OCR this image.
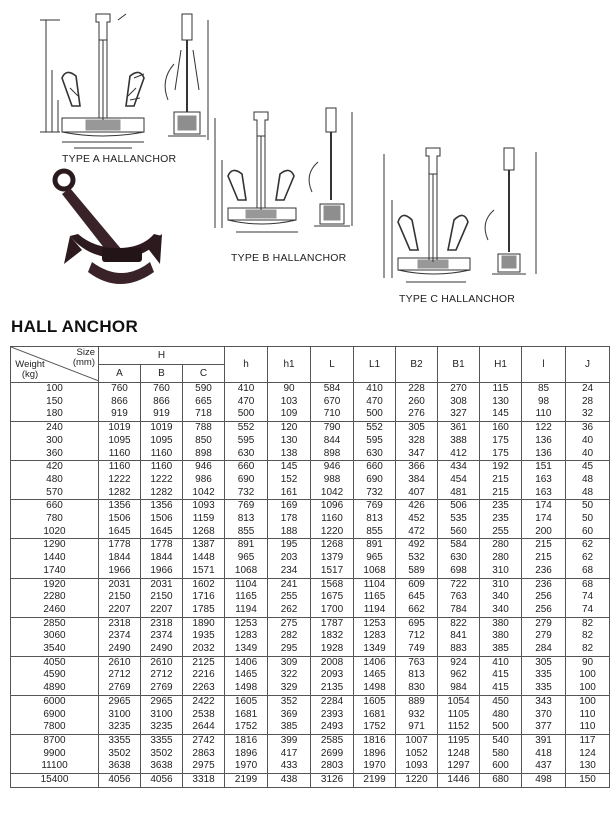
TYPE A HALLANCHOR
TYPE B HALLANCHOR
TYPE C HALLANCHOR
HALL ANCHOR
Size (mm)
Weight (kg)	H			h	h1	L	L1	B2	B1	H1	l	J
	A	B	C									
100	760	760	590	410	90	584	410	228	270	115	85	24
150	866	866	665	470	103	670	470	260	308	130	98	28
180	919	919	718	500	109	710	500	276	327	145	110	32
240	1019	1019	788	552	120	790	552	305	361	160	122	36
300	1095	1095	850	595	130	844	595	328	388	175	136	40
360	1160	1160	898	630	138	898	630	347	412	175	136	40
420	1160	1160	946	660	145	946	660	366	434	192	151	45
480	1222	1222	986	690	152	988	690	384	454	215	163	48
570	1282	1282	1042	732	161	1042	732	407	481	215	163	48
660	1356	1356	1093	769	169	1096	769	426	506	235	174	50
780	1506	1506	1159	813	178	1160	813	452	535	235	174	50
1020	1645	1645	1268	855	188	1220	855	472	560	255	200	60
1290	1778	1778	1387	891	195	1268	891	492	584	280	215	62
1440	1844	1844	1448	965	203	1379	965	532	630	280	215	62
1740	1966	1966	1571	1068	234	1517	1068	589	698	310	236	68
1920	2031	2031	1602	1104	241	1568	1104	609	722	310	236	68
2280	2150	2150	1716	1165	255	1675	1165	645	763	340	256	74
2460	2207	2207	1785	1194	262	1700	1194	662	784	340	256	74
2850	2318	2318	1890	1253	275	1787	1253	695	822	380	279	82
3060	2374	2374	1935	1283	282	1832	1283	712	841	380	279	82
3540	2490	2490	2032	1349	295	1928	1349	749	883	385	284	82
4050	2610	2610	2125	1406	309	2008	1406	763	924	410	305	90
4590	2712	2712	2216	1465	322	2093	1465	813	962	415	335	100
4890	2769	2769	2263	1498	329	2135	1498	830	984	415	335	100
6000	2965	2965	2422	1605	352	2284	1605	889	1054	450	343	100
6900	3100	3100	2538	1681	369	2393	1681	932	1105	480	370	110
7800	3235	3235	2644	1752	385	2493	1752	971	1152	500	377	110
8700	3355	3355	2742	1816	399	2585	1816	1007	1195	540	391	117
9900	3502	3502	2863	1896	417	2699	1896	1052	1248	580	418	124
11100	3638	3638	2975	1970	433	2803	1970	1093	1297	600	437	130
15400	4056	4056	3318	2199	438	3126	2199	1220	1446	680	498	150
